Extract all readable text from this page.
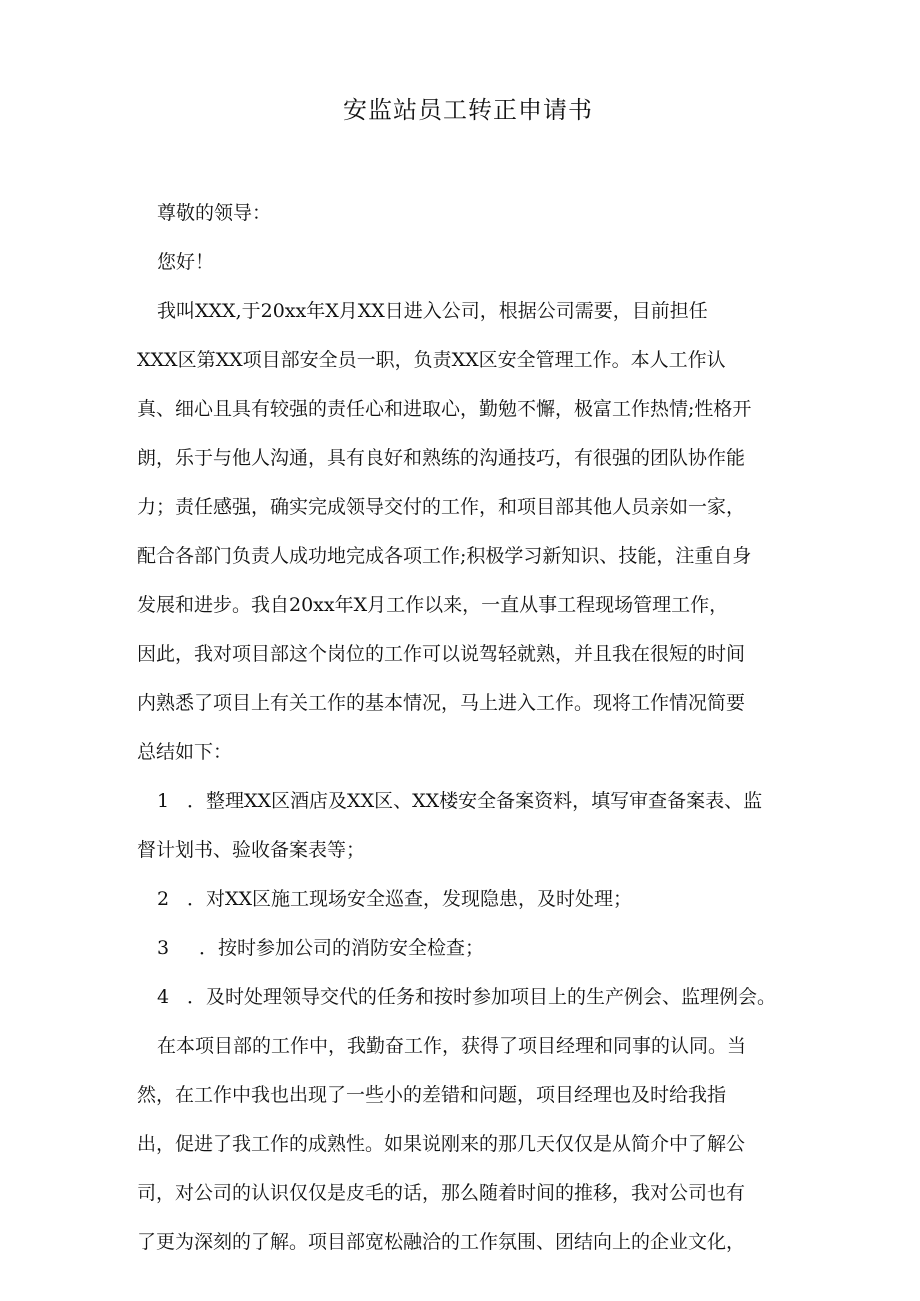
安监站员工转正申请书
尊敬的领导：
您好！
我叫XXX,于20xx年X月XX日进入公司，根据公司需要，目前担任
XXX区第XX项目部安全员一职，负责XX区安全管理工作。本人工作认
真、细心且具有较强的责任心和进取心，勤勉不懈，极富工作热情;性格开
朗，乐于与他人沟通，具有良好和熟练的沟通技巧，有很强的团队协作能
力；责任感强，确实完成领导交付的工作，和项目部其他人员亲如一家，
配合各部门负责人成功地完成各项工作;积极学习新知识、技能，注重自身
发展和进步。我自20xx年X月工作以来，一直从事工程现场管理工作，
因此，我对项目部这个岗位的工作可以说驾轻就熟，并且我在很短的时间
内熟悉了项目上有关工作的基本情况，马上进入工作。现将工作情况简要
总结如下：
1 ．整理XX区酒店及XX区、XX楼安全备案资料，填写审查备案表、监
督计划书、验收备案表等；
2 ．对XX区施工现场安全巡查，发现隐患，及时处理；
3 ．按时参加公司的消防安全检查；
4 ．及时处理领导交代的任务和按时参加项目上的生产例会、监理例会。
在本项目部的工作中，我勤奋工作，获得了项目经理和同事的认同。当
然，在工作中我也出现了一些小的差错和问题，项目经理也及时给我指
出，促进了我工作的成熟性。如果说刚来的那几天仅仅是从简介中了解公
司，对公司的认识仅仅是皮毛的话，那么随着时间的推移，我对公司也有
了更为深刻的了解。项目部宽松融洽的工作氛围、团结向上的企业文化，
